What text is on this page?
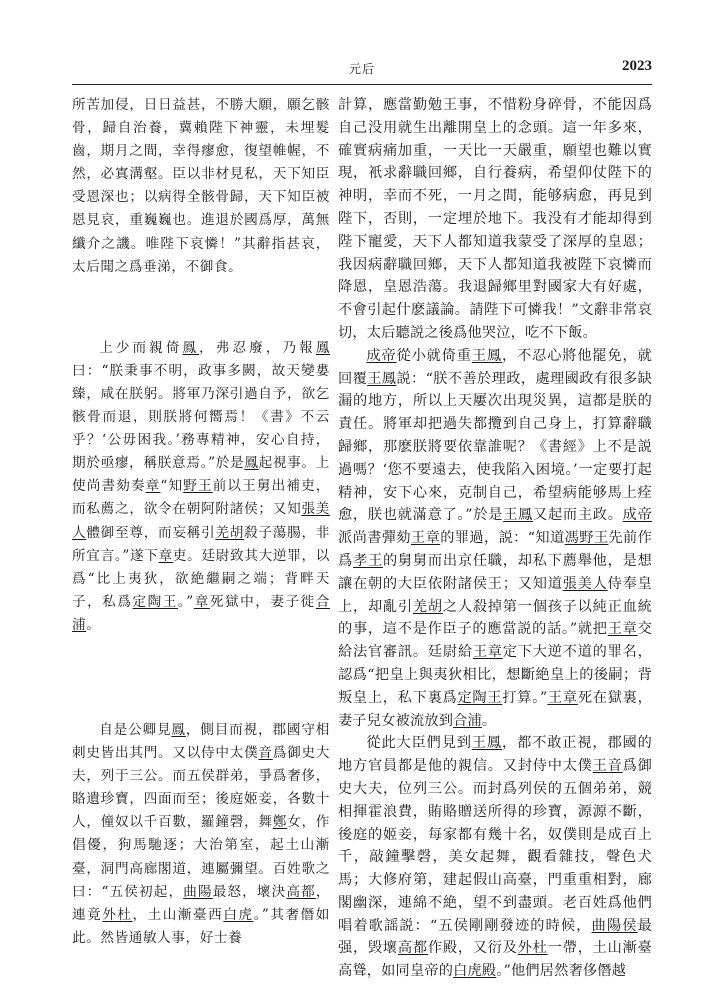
元后	2023

所苦加侵，日日益甚，不勝大願，願乞骸骨，歸自治養，冀賴陛下神靈，未埋髮齒，期月之間，幸得瘳愈，復望帷幄，不然，必寘溝壑。臣以非材見私，天下知臣受恩深也；以病得全骸骨歸，天下知臣被恩見哀，重巍巍也。進退於國爲厚，萬無纖介之譏。唯陛下哀憐！”其辭指甚哀，太后聞之爲垂涕，不御食。

上少而親倚鳳，弗忍廢，乃報鳳曰：“朕秉事不明，政事多闕，故天變婁臻，咸在朕躬。將軍乃深引過自予，欲乞骸骨而退，則朕將何嚮焉！《書》不云乎？‘公毋困我。’務專精神，安心自持，期於亟瘳，稱朕意焉。”於是鳳起視事。上使尚書劾奏章“知野王前以王舅出補吏，而私薦之，欲令在朝阿附諸侯；又知張美人體御至尊，而妄稱引羌胡殺子蕩腸，非所宜言。”遂下章吏。廷尉致其大逆罪，以爲“比上夷狄，欲絶繼嗣之端；背畔天子，私爲定陶王。”章死獄中，妻子徙合浦。

自是公卿見鳳，側目而視，郡國守相刺史皆出其門。又以侍中太僕音爲御史大夫，列于三公。而五侯群弟，爭爲奢侈，賂遺珍寶，四面而至；後庭姬妾，各數十人，僮奴以千百數，羅鐘磬，舞鄭女，作倡優，狗馬馳逐；大治第室，起土山漸臺，洞門高廊閣道，連屬彌望。百姓歌之曰：“五侯初起，曲陽最怒，壞決高都，連竟外杜，土山漸臺西白虎。”其奢僭如此。然皆通敏人事，好士養

計算，應當勤勉王事，不惜粉身碎骨，不能因爲自己没用就生出離開皇上的念頭。這一年多來，確實病痛加重，一天比一天嚴重，願望也難以實現，衹求辭職回鄉，自行養病，希望仰仗陛下的神明，幸而不死，一月之間，能够病愈，再見到陛下，否則，一定埋於地下。我没有才能却得到陛下寵愛，天下人都知道我蒙受了深厚的皇恩；我因病辭職回鄉，天下人都知道我被陛下哀憐而降恩，皇恩浩蕩。我退歸鄉里對國家大有好處，不會引起什麽議論。請陛下可憐我！”文辭非常哀切，太后聽説之後爲他哭泣，吃不下飯。

成帝從小就倚重王鳳，不忍心將他罷免，就回覆王鳳説：“朕不善於理政，處理國政有很多缺漏的地方，所以上天屢次出現災異，這都是朕的責任。將軍却把過失都攬到自己身上，打算辭職歸鄉，那麽朕將要依靠誰呢？《書經》上不是説過嗎？‘您不要遠去，使我陷入困境。’一定要打起精神，安下心來，克制自己，希望病能够馬上痊愈，朕也就滿意了。”於是王鳳又起而主政。成帝派尚書彈劾王章的罪過，説：“知道馮野王先前作爲孝王的舅舅而出京任職，却私下薦舉他，是想讓在朝的大臣依附諸侯王；又知道張美人侍奉皇上，却亂引羌胡之人殺掉第一個孩子以純正血統的事，這不是作臣子的應當説的話。”就把王章交給法官審訊。廷尉給王章定下大逆不道的罪名，認爲“把皇上與夷狄相比，想斷絶皇上的後嗣；背叛皇上，私下裏爲定陶王打算。”王章死在獄裏，妻子兒女被流放到合浦。

從此大臣們見到王鳳，都不敢正視，郡國的地方官員都是他的親信。又封侍中太僕王音爲御史大夫，位列三公。而封爲列侯的五個弟弟，競相揮霍浪費，賄賂贈送所得的珍寶，源源不斷，後庭的姬妾，每家都有幾十名，奴僕則是成百上千，敲鐘擊磬，美女起舞，觀看雜技，聲色犬馬；大修府第，建起假山高臺，門重重相對，廊閣幽深，連綿不絶，望不到盡頭。老百姓爲他們唱着歌謡説：“五侯剛剛發迹的時候，曲陽侯最强，毁壞高都作殿，又衍及外杜一帶，土山漸臺高聳，如同皇帝的白虎殿。”他們居然奢侈僭越
